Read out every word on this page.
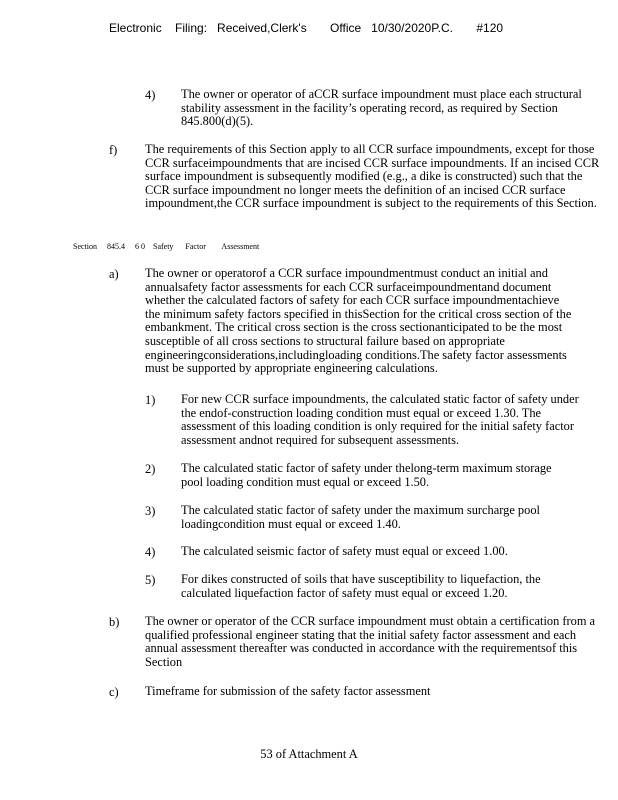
Electronic    Filing:   Received,Clerk's       Office   10/30/2020P.C.       #120
4) The owner or operator of aCCR surface impoundment must place each structural stability assessment in the facility’s operating record, as required by Section 845.800(d)(5).
f) The requirements of this Section apply to all CCR surface impoundments, except for those CCR surfaceimpoundments that are incised CCR surface impoundments. If an incised CCR surface impoundment is subsequently modified (e.g., a dike is constructed) such that the CCR surface impoundment no longer meets the definition of an incised CCR surface impoundment,the CCR surface impoundment is subject to the requirements of this Section.
Section     845.4     6 0    Safety      Factor        Assessment
a) The owner or operatorof a CCR surface impoundmentmust conduct an initial and annualsafety factor assessments for each CCR surfaceimpoundmentand document whether the calculated factors of safety for each CCR surface impoundmentachieve the minimum safety factors specified in thisSection for the critical cross section of the embankment. The critical cross section is the cross sectionanticipated to be the most susceptible of all cross sections to structural failure based on appropriate engineeringconsiderations,includingloading conditions.The safety factor assessments must be supported by appropriate engineering calculations.
1) For new CCR surface impoundments, the calculated static factor of safety under the endof-construction loading condition must equal or exceed 1.30. The assessment of this loading condition is only required for the initial safety factor assessment andnot required for subsequent assessments.
2) The calculated static factor of safety under thelong-term maximum storage pool loading condition must equal or exceed 1.50.
3) The calculated static factor of safety under the maximum surcharge pool loadingcondition must equal or exceed 1.40.
4) The calculated seismic factor of safety must equal or exceed 1.00.
5) For dikes constructed of soils that have susceptibility to liquefaction, the calculated liquefaction factor of safety must equal or exceed 1.20.
b) The owner or operator of the CCR surface impoundment must obtain a certification from a qualified professional engineer stating that the initial safety factor assessment and each annual assessment thereafter was conducted in accordance with the requirementsof this Section
c) Timeframe for submission of the safety factor assessment
53 of Attachment A
